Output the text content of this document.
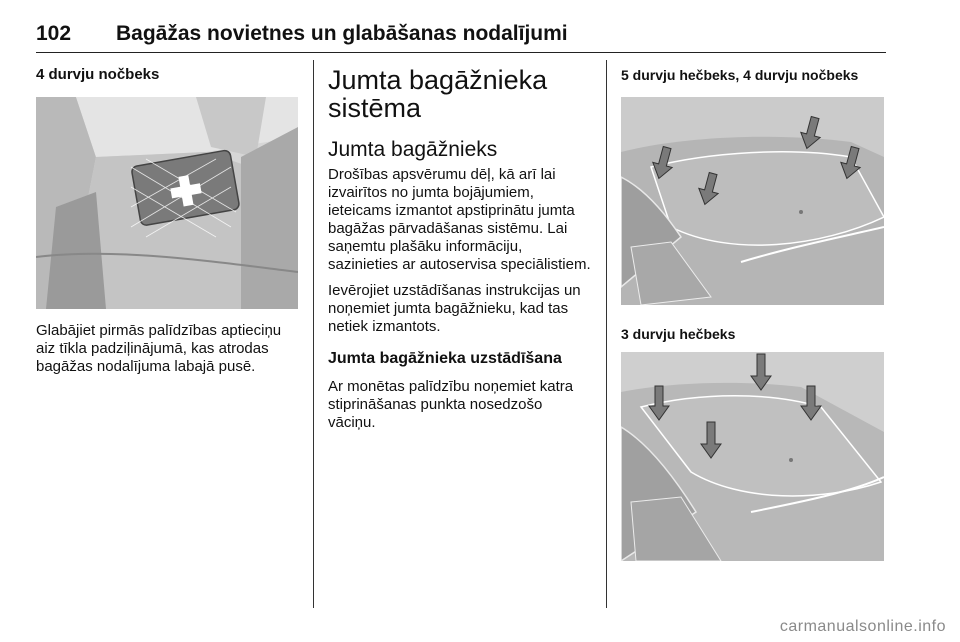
102 Bagāžas novietnes un glabāšanas nodalījumi

4 durvju nočbeks

Glabājiet pirmās palīdzības aptieciņu aiz tīkla padziļinājumā, kas atrodas bagāžas nodalījuma labajā pusē.

Jumta bagāžnieka sistēma

Jumta bagāžnieks

Drošības apsvērumu dēļ, kā arī lai izvairītos no jumta bojājumiem, ieteicams izmantot apstiprinātu jumta bagāžas pārvadāšanas sistēmu. Lai saņemtu plašāku informāciju, sazinieties ar autoservisa speciālistiem.

Ievērojiet uzstādīšanas instrukcijas un noņemiet jumta bagāžnieku, kad tas netiek izmantots.

Jumta bagāžnieka uzstādīšana

Ar monētas palīdzību noņemiet katra stiprināšanas punkta nosedzošo vāciņu.

5 durvju hečbeks, 4 durvju nočbeks

3 durvju hečbeks

carmanualsonline.info
